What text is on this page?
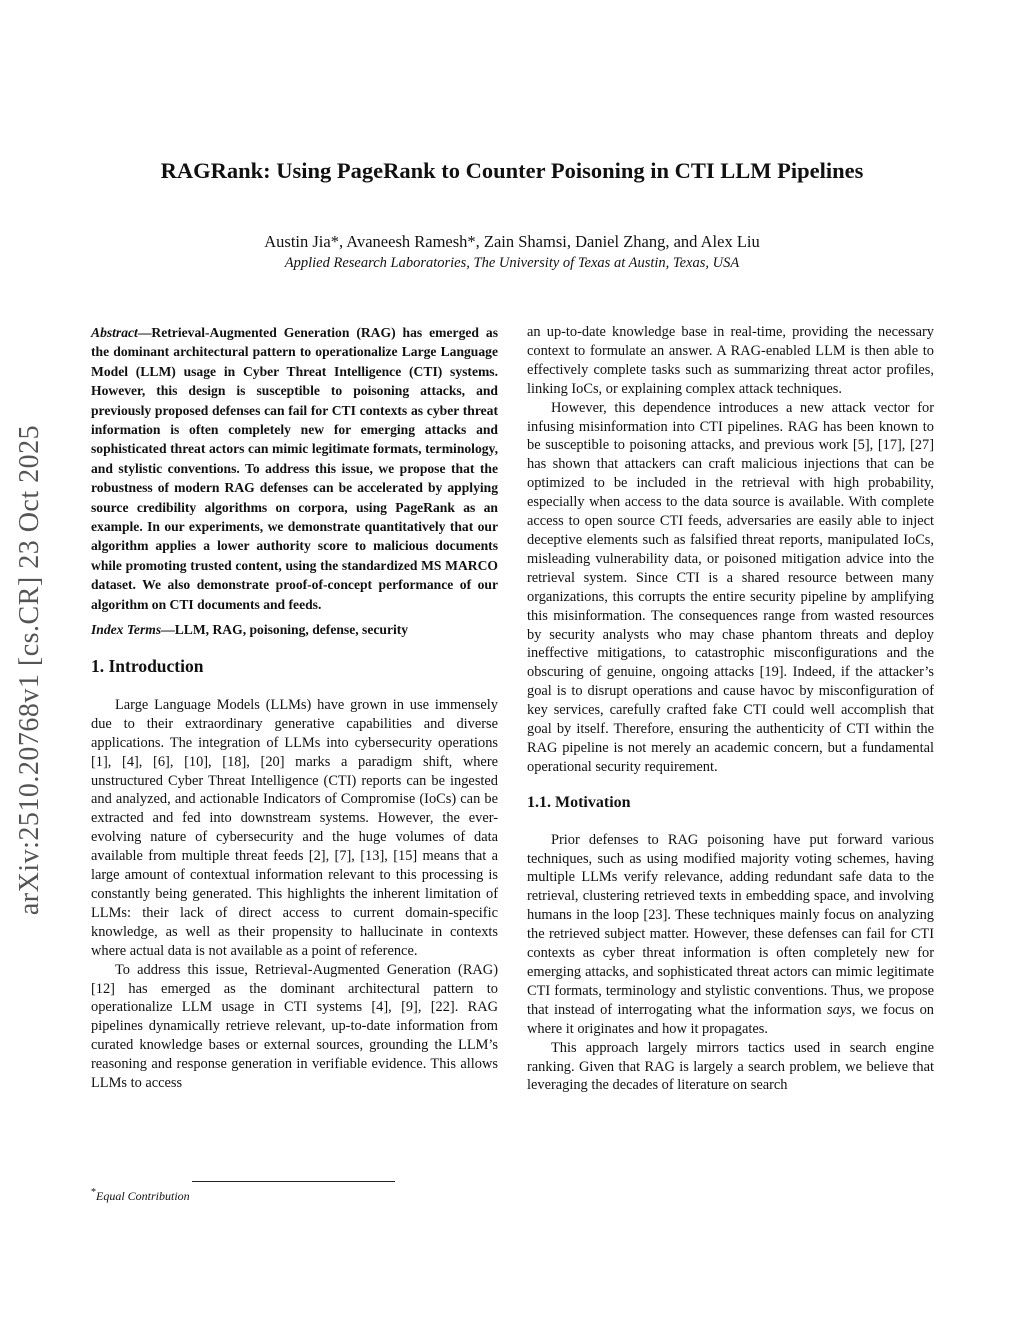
arXiv:2510.20768v1 [cs.CR] 23 Oct 2025
RAGRank: Using PageRank to Counter Poisoning in CTI LLM Pipelines
Austin Jia*, Avaneesh Ramesh*, Zain Shamsi, Daniel Zhang, and Alex Liu
Applied Research Laboratories, The University of Texas at Austin, Texas, USA

Abstract—Retrieval-Augmented Generation (RAG) has emerged as the dominant architectural pattern to operationalize Large Language Model (LLM) usage in Cyber Threat Intelligence (CTI) systems. However, this design is susceptible to poisoning attacks, and previously proposed defenses can fail for CTI contexts as cyber threat information is often completely new for emerging attacks and sophisticated threat actors can mimic legitimate formats, terminology, and stylistic conventions. To address this issue, we propose that the robustness of modern RAG defenses can be accelerated by applying source credibility algorithms on corpora, using PageRank as an example. In our experiments, we demonstrate quantitatively that our algorithm applies a lower authority score to malicious documents while promoting trusted content, using the standardized MS MARCO dataset. We also demonstrate proof-of-concept performance of our algorithm on CTI documents and feeds.

Index Terms—LLM, RAG, poisoning, defense, security

1. Introduction

Large Language Models (LLMs) have grown in use immensely due to their extraordinary generative capabilities and diverse applications. The integration of LLMs into cybersecurity operations [1], [4], [6], [10], [18], [20] marks a paradigm shift, where unstructured Cyber Threat Intelligence (CTI) reports can be ingested and analyzed, and actionable Indicators of Compromise (IoCs) can be extracted and fed into downstream systems. However, the ever-evolving nature of cybersecurity and the huge volumes of data available from multiple threat feeds [2], [7], [13], [15] means that a large amount of contextual information relevant to this processing is constantly being generated. This highlights the inherent limitation of LLMs: their lack of direct access to current domain-specific knowledge, as well as their propensity to hallucinate in contexts where actual data is not available as a point of reference.

To address this issue, Retrieval-Augmented Generation (RAG) [12] has emerged as the dominant architectural pattern to operationalize LLM usage in CTI systems [4], [9], [22]. RAG pipelines dynamically retrieve relevant, up-to-date information from curated knowledge bases or external sources, grounding the LLM’s reasoning and response generation in verifiable evidence. This allows LLMs to access

an up-to-date knowledge base in real-time, providing the necessary context to formulate an answer. A RAG-enabled LLM is then able to effectively complete tasks such as summarizing threat actor profiles, linking IoCs, or explaining complex attack techniques.

However, this dependence introduces a new attack vector for infusing misinformation into CTI pipelines. RAG has been known to be susceptible to poisoning attacks, and previous work [5], [17], [27] has shown that attackers can craft malicious injections that can be optimized to be included in the retrieval with high probability, especially when access to the data source is available. With complete access to open source CTI feeds, adversaries are easily able to inject deceptive elements such as falsified threat reports, manipulated IoCs, misleading vulnerability data, or poisoned mitigation advice into the retrieval system. Since CTI is a shared resource between many organizations, this corrupts the entire security pipeline by amplifying this misinformation. The consequences range from wasted resources by security analysts who may chase phantom threats and deploy ineffective mitigations, to catastrophic misconfigurations and the obscuring of genuine, ongoing attacks [19]. Indeed, if the attacker’s goal is to disrupt operations and cause havoc by misconfiguration of key services, carefully crafted fake CTI could well accomplish that goal by itself. Therefore, ensuring the authenticity of CTI within the RAG pipeline is not merely an academic concern, but a fundamental operational security requirement.

1.1. Motivation

Prior defenses to RAG poisoning have put forward various techniques, such as using modified majority voting schemes, having multiple LLMs verify relevance, adding redundant safe data to the retrieval, clustering retrieved texts in embedding space, and involving humans in the loop [23]. These techniques mainly focus on analyzing the retrieved subject matter. However, these defenses can fail for CTI contexts as cyber threat information is often completely new for emerging attacks, and sophisticated threat actors can mimic legitimate CTI formats, terminology and stylistic conventions. Thus, we propose that instead of interrogating what the information says, we focus on where it originates and how it propagates.

This approach largely mirrors tactics used in search engine ranking. Given that RAG is largely a search problem, we believe that leveraging the decades of literature on search

*Equal Contribution
